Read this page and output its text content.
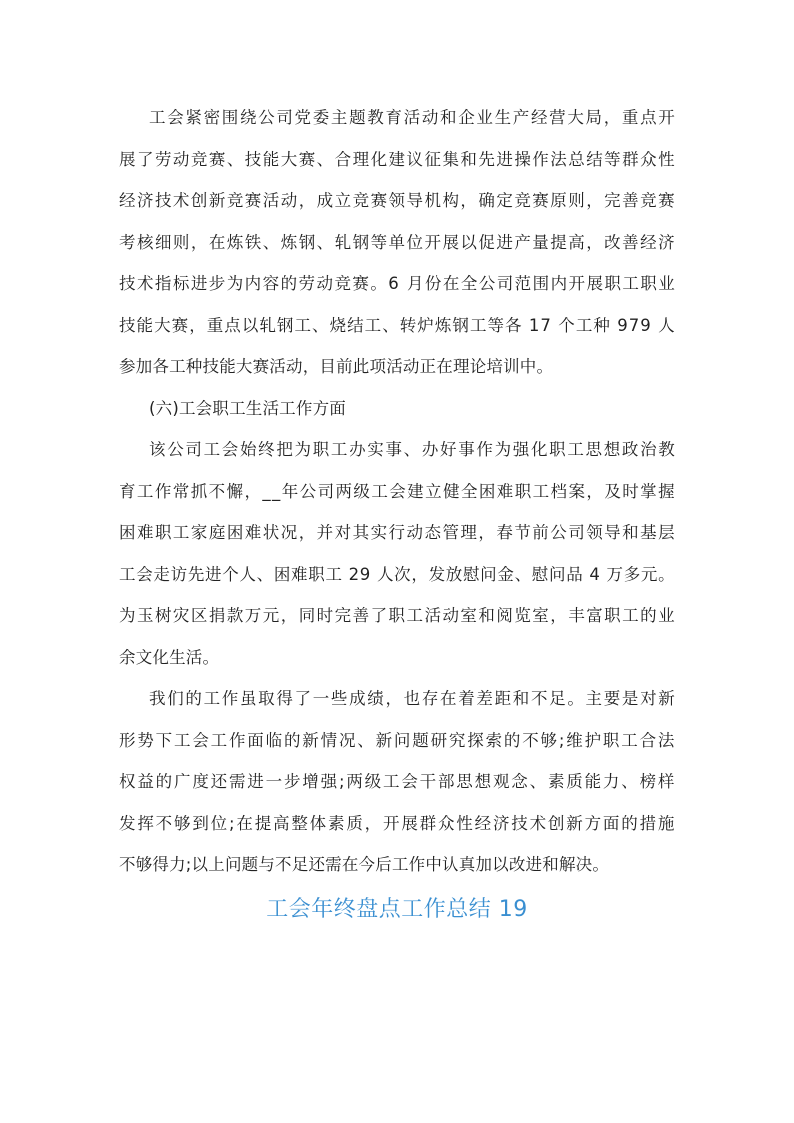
工 会 紧 密 围 绕 公 司 党 委 主 题 教 育 活 动 和 企 业 生 产 经 营 大 局 ， 重 点 开
展 了 劳 动 竞 赛 、 技 能 大 赛 、 合 理 化 建 议 征 集 和 先 进 操 作 法 总 结 等 群 众 性
经 济 技 术 创 新 竞 赛 活 动 ， 成 立 竞 赛 领 导 机 构 ， 确 定 竞 赛 原 则 ， 完 善 竞 赛
考 核 细 则 ， 在 炼 铁 、 炼 钢 、 轧 钢 等 单 位 开 展 以 促 进 产 量 提 高 ， 改 善 经 济
技 术 指 标 进 步 为 内 容 的 劳 动 竞 赛 。 6
月 份 在 全 公 司 范 围 内 开 展 职 工 职 业
技 能 大 赛 ， 重 点 以 轧 钢 工 、 烧 结 工 、 转 炉 炼 钢 工 等 各
1 7
个 工 种
9 7 9
人
参加各工种技能大赛活动，目前此项活动正在理论培训中。
(六)工会职工生活工作方面
该 公 司 工 会 始 终 把 为 职 工 办 实 事 、 办 好 事 作 为 强 化 职 工 思 想 政 治 教
育 工 作 常 抓 不 懈 ， _ _ 年 公 司 两 级 工 会 建 立 健 全 困 难 职 工 档 案 ， 及 时 掌 握
困 难 职 工 家 庭 困 难 状 况 ， 并 对 其 实 行 动 态 管 理 ， 春 节 前 公 司 领 导 和 基 层
工 会 走 访 先 进 个 人 、 困 难 职 工
2 9
人 次 ， 发 放 慰 问 金 、 慰 问 品
4
万 多 元 。
为 玉 树 灾 区 捐 款 万 元 ， 同 时 完 善 了 职 工 活 动 室 和 阅 览 室 ， 丰 富 职 工 的 业
余文化生活。
我 们 的 工 作 虽 取 得 了 一 些 成 绩 ， 也 存 在 着 差 距 和 不 足 。 主 要 是 对 新
形 势 下 工 会 工 作 面 临 的 新 情 况 、 新 问 题 研 究 探 索 的 不 够 ; 维 护 职 工 合 法
权 益 的 广 度 还 需 进 一 步 增 强 ; 两 级 工 会 干 部 思 想 观 念 、 素 质 能 力 、 榜 样
发 挥 不 够 到 位 ; 在 提 高 整 体 素 质 ， 开 展 群 众 性 经 济 技 术 创 新 方 面 的 措 施
不够得力;以上问题与不足还需在今后工作中认真加以改进和解决。
工会年终盘点工作总结 19
